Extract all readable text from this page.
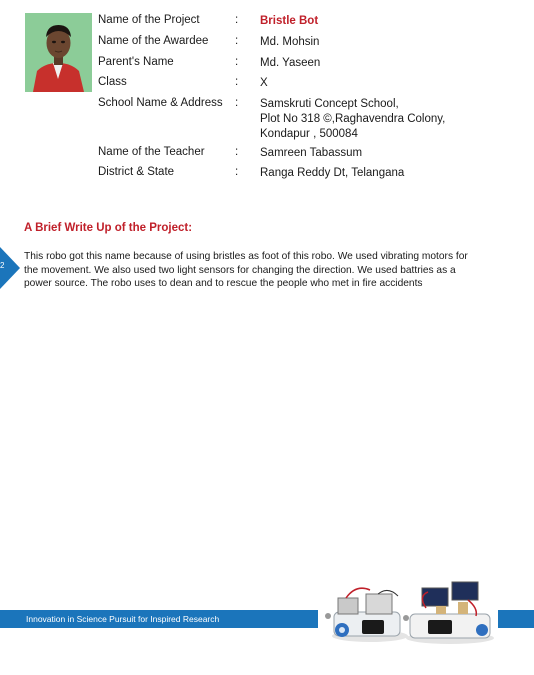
Name of the Project	: Bristle Bot
Name of the Awardee : Md. Mohsin
Parent's Name	: Md. Yaseen
Class	: X
School Name & Address : Samskruti Concept School,
Plot No 318 ©,Raghavendra Colony,
Kondapur , 500084
Name of the Teacher	: Samreen Tabassum
District & State	: Ranga Reddy Dt, Telangana
A Brief Write Up of the Project:
2

This robo got this name because of using bristles as foot of this robo. We used vibrating motors for

the movement. We also used two light sensors for changing the direction. We used battries as a

power source. The robo uses to dean and to rescue the people who met in fire accidents

Innovation in Science Pursuit for Inspired Research
